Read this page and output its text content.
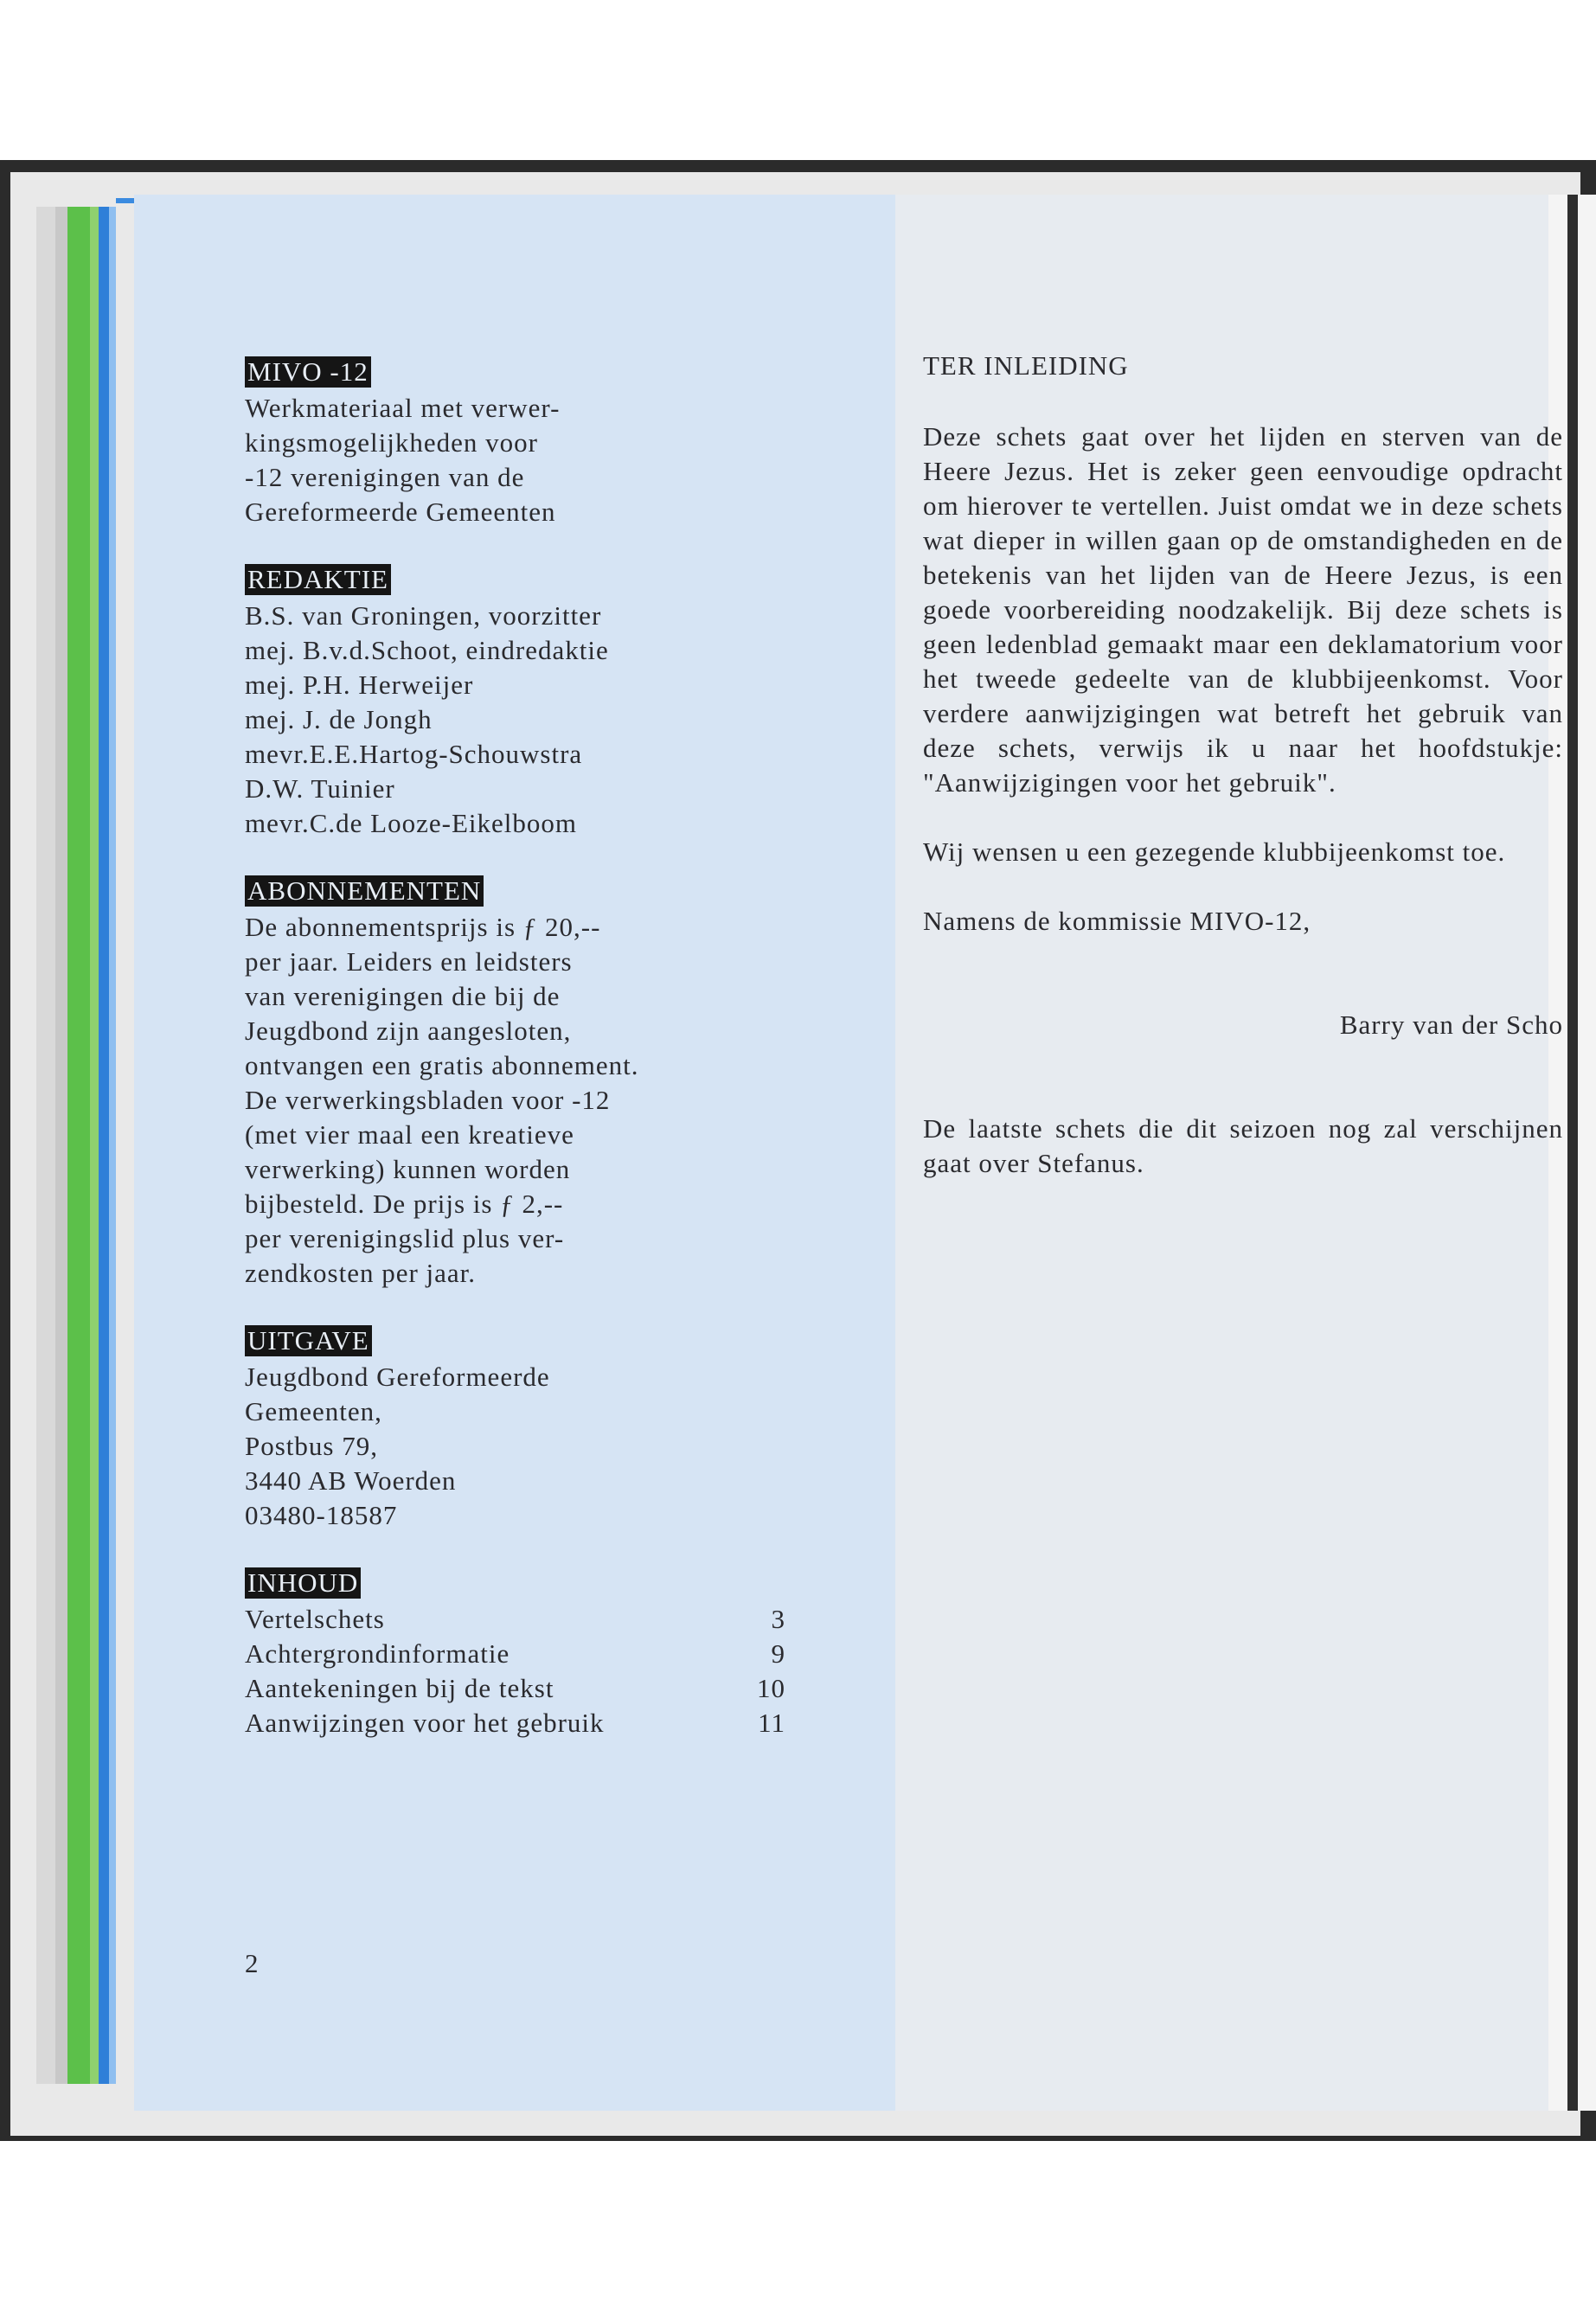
MIVO -12
Werkmateriaal met verwer-
kingsmogelijkheden voor
-12 verenigingen van de
Gereformeerde Gemeenten
REDAKTIE
B.S. van Groningen, voorzitter
mej. B.v.d.Schoot, eindredaktie
mej. P.H. Herweijer
mej. J. de Jongh
mevr.E.E.Hartog-Schouwstra
D.W. Tuinier
mevr.C.de Looze-Eikelboom
ABONNEMENTEN
De abonnementsprijs is ƒ 20,--
per jaar. Leiders en leidsters
van verenigingen die bij de
Jeugdbond zijn aangesloten,
ontvangen een gratis abonnement.
De verwerkingsbladen voor -12
(met vier maal een kreatieve
verwerking) kunnen worden
bijbesteld. De prijs is ƒ 2,--
per verenigingslid plus ver-
zendkosten per jaar.
UITGAVE
Jeugdbond Gereformeerde
Gemeenten,
Postbus 79,
3440 AB Woerden
03480-18587
INHOUD
Vertelschets	3
Achtergrondinformatie	9
Aantekeningen bij de tekst	10
Aanwijzingen voor het gebruik	11
2

TER INLEIDING

Deze schets gaat over het lijden en sterven van de Heere Jezus. Het is zeker geen eenvoudige opdracht om hierover te vertellen. Juist omdat we in deze schets wat dieper in willen gaan op de omstandigheden en de betekenis van het lijden van de Heere Jezus, is een goede voorbereiding noodzakelijk. Bij deze schets is geen ledenblad gemaakt maar een deklamatorium voor het tweede gedeelte van de klubbijeenkomst. Voor verdere aanwijzigingen wat betreft het gebruik van deze schets, verwijs ik u naar het hoofdstukje: "Aanwijzigingen voor het gebruik".

Wij wensen u een gezegende klubbijeenkomst toe.

Namens de kommissie MIVO-12,

Barry van der Scho

De laatste schets die dit seizoen nog zal verschijnen gaat over Stefanus.
